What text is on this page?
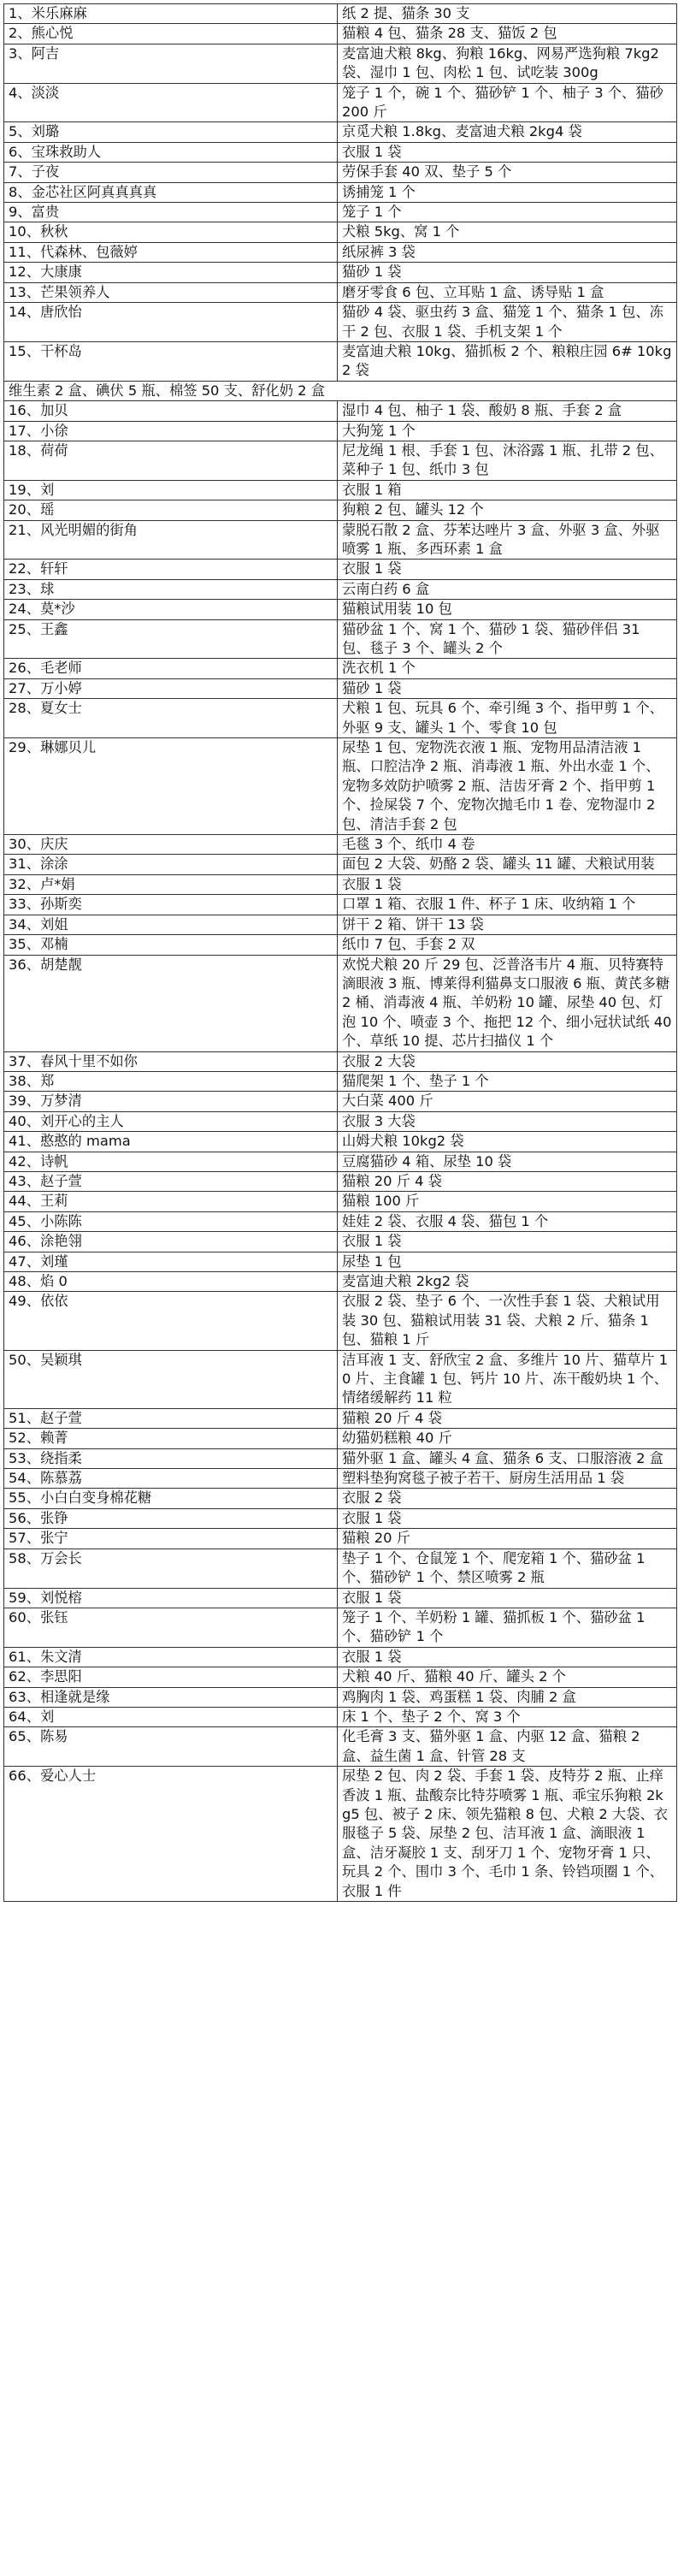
1、米乐麻麻	纸 2 提、猫条 30 支
2、熊心悦	猫粮 4 包、猫条 28 支、猫饭 2 包
3、阿吉	麦富迪犬粮 8kg、狗粮 16kg、网易严选狗粮 7kg2 袋、湿巾 1 包、肉松 1 包、试吃装 300g
4、淡淡	笼子 1 个，碗 1 个、猫砂铲 1 个、柚子 3 个、猫砂 200 斤
5、刘璐	京觅犬粮 1.8kg、麦富迪犬粮 2kg4 袋
6、宝珠救助人	衣服 1 袋
7、子夜	劳保手套 40 双、垫子 5 个
8、金芯社区阿真真真真	诱捕笼 1 个
9、富贵	笼子 1 个
10、秋秋	犬粮 5kg、窝 1 个
11、代森林、包薇婷	纸尿裤 3 袋
12、大康康	猫砂 1 袋
13、芒果领养人	磨牙零食 6 包、立耳贴 1 盒、诱导贴 1 盒
14、唐欣怡	猫砂 4 袋、驱虫药 3 盒、猫笼 1 个、猫条 1 包、冻干 2 包、衣服 1 袋、手机支架 1 个
15、干杯岛	麦富迪犬粮 10kg、猫抓板 2 个、粮粮庄园 6# 10kg2 袋
维生素 2 盒、碘伏 5 瓶、棉签 50 支、舒化奶 2 盒	
16、加贝	湿巾 4 包、柚子 1 袋、酸奶 8 瓶、手套 2 盒
17、小徐	大狗笼 1 个
18、荷荷	尼龙绳 1 根、手套 1 包、沐浴露 1 瓶、扎带 2 包、菜种子 1 包、纸巾 3 包
19、刘	衣服 1 箱
20、瑶	狗粮 2 包、罐头 12 个
21、风光明媚的街角	蒙脱石散 2 盒、芬苯达唑片 3 盒、外驱 3 盒、外驱喷雾 1 瓶、多西环素 1 盒
22、轩轩	衣服 1 袋
23、球	云南白药 6 盒
24、莫*沙	猫粮试用装 10 包
25、王鑫	猫砂盆 1 个、窝 1 个、猫砂 1 袋、猫砂伴侣 31 包、毯子 3 个、罐头 2 个
26、毛老师	洗衣机 1 个
27、万小婷	猫砂 1 袋
28、夏女士	犬粮 1 包、玩具 6 个、牵引绳 3 个、指甲剪 1 个、外驱 9 支、罐头 1 个、零食 10 包
29、琳娜贝儿	尿垫 1 包、宠物洗衣液 1 瓶、宠物用品清洁液 1 瓶、口腔洁净 2 瓶、消毒液 1 瓶、外出水壶 1 个、宠物多效防护喷雾 2 瓶、洁齿牙膏 2 个、指甲剪 1 个、捡屎袋 7 个、宠物次抛毛巾 1 卷、宠物湿巾 2 包、清洁手套 2 包
30、庆庆	毛毯 3 个、纸巾 4 卷
31、涂涂	面包 2 大袋、奶酪 2 袋、罐头 11 罐、犬粮试用装
32、卢*娟	衣服 1 袋
33、孙斯奕	口罩 1 箱、衣服 1 件、杯子 1 床、收纳箱 1 个
34、刘姐	饼干 2 箱、饼干 13 袋
35、邓楠	纸巾 7 包、手套 2 双
36、胡楚靓	欢悦犬粮 20 斤 29 包、泛普洛韦片 4 瓶、贝特赛特滴眼液 3 瓶、博莱得利猫鼻支口服液 6 瓶、黄芪多糖 2 桶、消毒液 4 瓶、羊奶粉 10 罐、尿垫 40 包、灯泡 10 个、喷壶 3 个、拖把 12 个、细小冠状试纸 40 个、草纸 10 提、芯片扫描仪 1 个
37、春风十里不如你	衣服 2 大袋
38、郑	猫爬架 1 个、垫子 1 个
39、万梦清	大白菜 400 斤
40、刘开心的主人	衣服 3 大袋
41、憨憨的 mama	山姆犬粮 10kg2 袋
42、诗帆	豆腐猫砂 4 箱、尿垫 10 袋
43、赵子萱	猫粮 20 斤 4 袋
44、王莉	猫粮 100 斤
45、小陈陈	娃娃 2 袋、衣服 4 袋、猫包 1 个
46、涂艳翎	衣服 1 袋
47、刘瑾	尿垫 1 包
48、焰 0	麦富迪犬粮 2kg2 袋
49、依依	衣服 2 袋、垫子 6 个、一次性手套 1 袋、犬粮试用装 30 包、猫粮试用装 31 袋、犬粮 2 斤、猫条 1 包、猫粮 1 斤
50、吴颖琪	洁耳液 1 支、舒欣宝 2 盒、多维片 10 片、猫草片 10 片、主食罐 1 包、钙片 10 片、冻干酸奶块 1 个、情绪缓解药 11 粒
51、赵子萱	猫粮 20 斤 4 袋
52、赖菁	幼猫奶糕粮 40 斤
53、绕指柔	猫外驱 1 盒、罐头 4 盒、猫条 6 支、口服溶液 2 盒
54、陈慕荔	塑料垫狗窝毯子被子若干、厨房生活用品 1 袋
55、小白白变身棉花糖	衣服 2 袋
56、张铮	衣服 1 袋
57、张宁	猫粮 20 斤
58、万会长	垫子 1 个、仓鼠笼 1 个、爬宠箱 1 个、猫砂盆 1 个、猫砂铲 1 个、禁区喷雾 2 瓶
59、刘悦榕	衣服 1 袋
60、张钰	笼子 1 个、羊奶粉 1 罐、猫抓板 1 个、猫砂盆 1 个、猫砂铲 1 个
61、朱文清	衣服 1 袋
62、李思阳	犬粮 40 斤、猫粮 40 斤、罐头 2 个
63、相逢就是缘	鸡胸肉 1 袋、鸡蛋糕 1 袋、肉脯 2 盒
64、刘	床 1 个、垫子 2 个、窝 3 个
65、陈易	化毛膏 3 支、猫外驱 1 盒、内驱 12 盒、猫粮 2 盒、益生菌 1 盒、针管 28 支
66、爱心人士	尿垫 2 包、肉 2 袋、手套 1 袋、皮特芬 2 瓶、止痒香波 1 瓶、盐酸奈比特芬喷雾 1 瓶、乖宝乐狗粮 2kg5 包、被子 2 床、领先猫粮 8 包、犬粮 2 大袋、衣服毯子 5 袋、尿垫 2 包、洁耳液 1 盒、滴眼液 1 盒、洁牙凝胶 1 支、刮牙刀 1 个、宠物牙膏 1 只、玩具 2 个、围巾 3 个、毛巾 1 条、铃铛项圈 1 个、衣服 1 件
